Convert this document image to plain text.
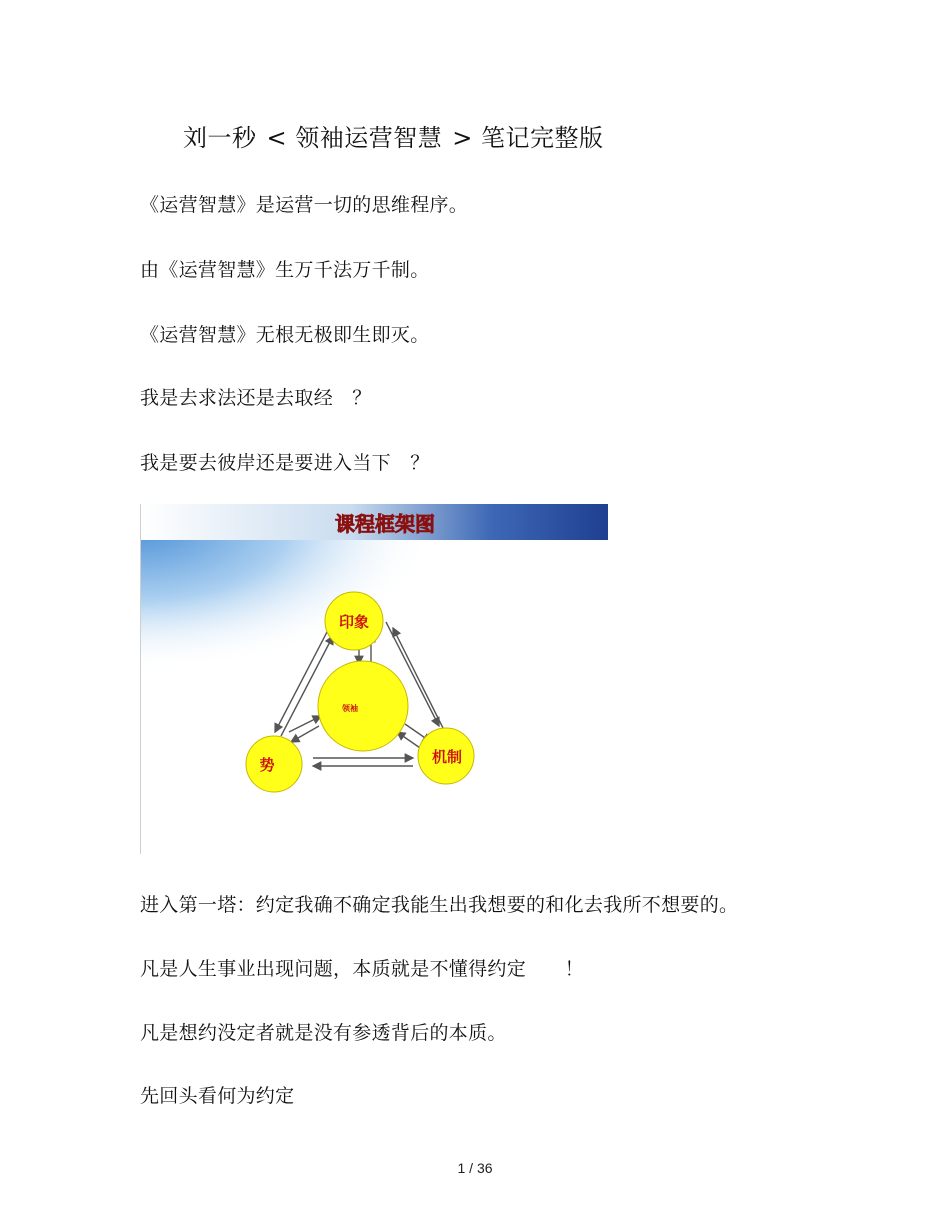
刘一秒 < 领袖运营智慧 > 笔记完整版
《运营智慧》是运营一切的思维程序。
由《运营智慧》生万千法万千制。
《运营智慧》无根无极即生即灭。
我是去求法还是去取经　？
我是要去彼岸还是要进入当下　？
课程框架图
印象
领袖
势	机制
进入第一塔：约定我确不确定我能生出我想要的和化去我所不想要的。
凡是人生事业出现问题，本质就是不懂得约定　　！
凡是想约没定者就是没有参透背后的本质。
先回头看何为约定
1 / 36
